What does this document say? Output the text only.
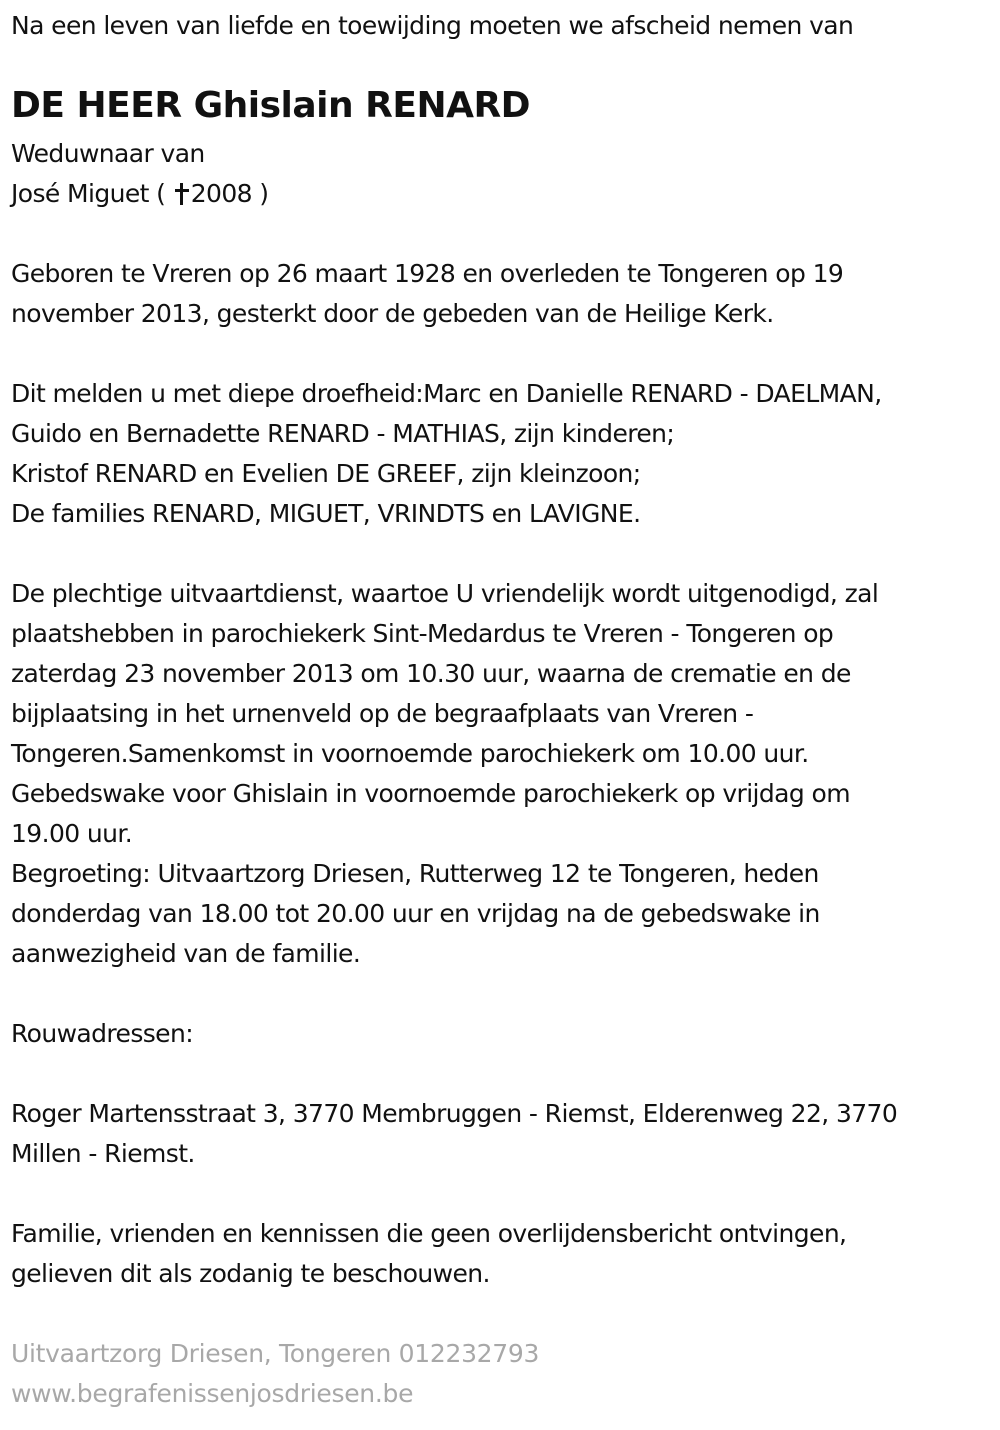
Na een leven van liefde en toewijding moeten we afscheid nemen van
DE HEER Ghislain RENARD
Weduwnaar van
José Miguet ( 2008 )
Geboren te Vreren op 26 maart 1928 en overleden te Tongeren op 19
november 2013, gesterkt door de gebeden van de Heilige Kerk.
Dit melden u met diepe droefheid:Marc en Danielle RENARD - DAELMAN,
Guido en Bernadette RENARD - MATHIAS, zijn kinderen;
Kristof RENARD en Evelien DE GREEF, zijn kleinzoon;
De families RENARD, MIGUET, VRINDTS en LAVIGNE.
De plechtige uitvaartdienst, waartoe U vriendelijk wordt uitgenodigd, zal
plaatshebben in parochiekerk Sint-Medardus te Vreren - Tongeren op
zaterdag 23 november 2013 om 10.30 uur, waarna de crematie en de
bijplaatsing in het urnenveld op de begraafplaats van Vreren -
Tongeren.Samenkomst in voornoemde parochiekerk om 10.00 uur.
Gebedswake voor Ghislain in voornoemde parochiekerk op vrijdag om
19.00 uur.
Begroeting: Uitvaartzorg Driesen, Rutterweg 12 te Tongeren, heden
donderdag van 18.00 tot 20.00 uur en vrijdag na de gebedswake in
aanwezigheid van de familie.
Rouwadressen:
Roger Martensstraat 3, 3770 Membruggen - Riemst, Elderenweg 22, 3770
Millen - Riemst.
Familie, vrienden en kennissen die geen overlijdensbericht ontvingen,
gelieven dit als zodanig te beschouwen.
Uitvaartzorg Driesen, Tongeren 012232793
www.begrafenissenjosdriesen.be
